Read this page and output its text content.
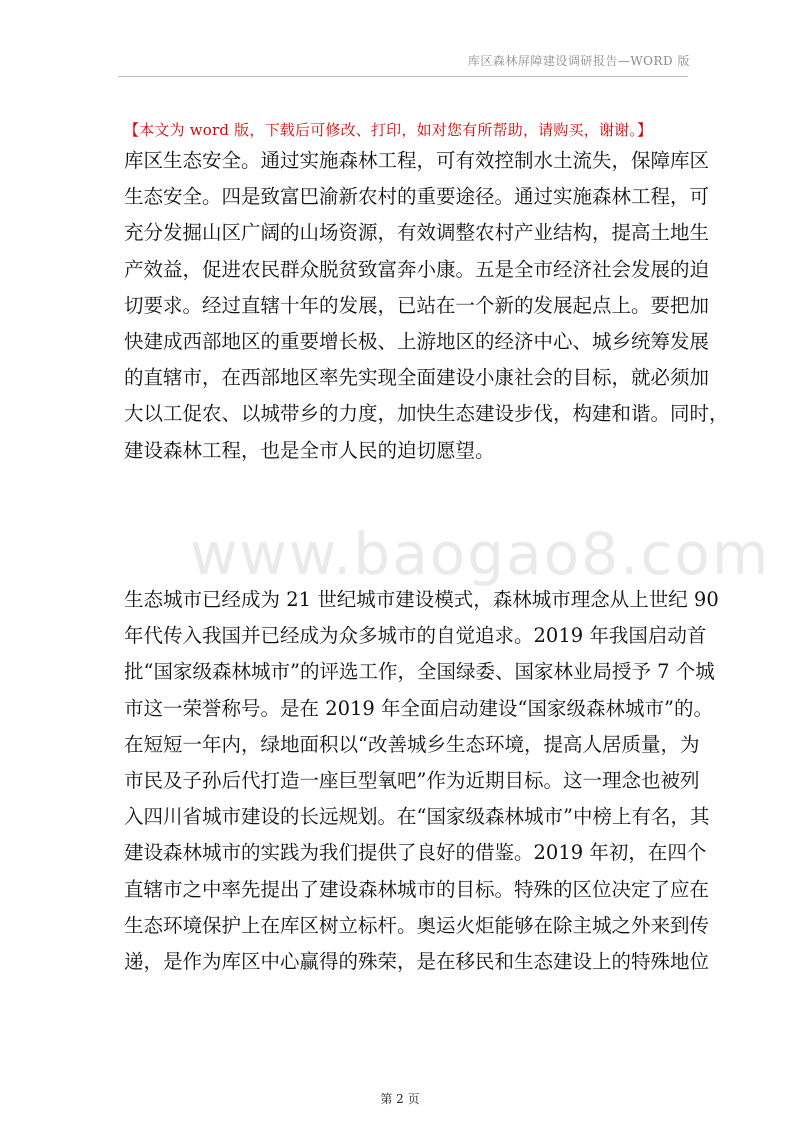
库区森林屏障建设调研报告—WORD 版
【本文为 word 版，下载后可修改、打印，如对您有所帮助，请购买，谢谢。】

库区生态安全。通过实施森林工程，可有效控制水土流失，保障库区
生态安全。四是致富巴渝新农村的重要途径。通过实施森林工程，可
充分发掘山区广阔的山场资源，有效调整农村产业结构，提高土地生
产效益，促进农民群众脱贫致富奔小康。五是全市经济社会发展的迫
切要求。经过直辖十年的发展，已站在一个新的发展起点上。要把加
快建成西部地区的重要增长极、上游地区的经济中心、城乡统筹发展
的直辖市，在西部地区率先实现全面建设小康社会的目标，就必须加
大以工促农、以城带乡的力度，加快生态建设步伐，构建和谐。同时，
建设森林工程，也是全市人民的迫切愿望。

www.baogao8.com

生态城市已经成为 21 世纪城市建设模式，森林城市理念从上世纪 90
年代传入我国并已经成为众多城市的自觉追求。2019 年我国启动首
批“国家级森林城市”的评选工作，全国绿委、国家林业局授予 7 个城
市这一荣誉称号。是在 2019 年全面启动建设“国家级森林城市”的。
在短短一年内，绿地面积以“改善城乡生态环境，提高人居质量，为
市民及子孙后代打造一座巨型氧吧”作为近期目标。这一理念也被列
入四川省城市建设的长远规划。在“国家级森林城市”中榜上有名，其
建设森林城市的实践为我们提供了良好的借鉴。2019 年初，在四个
直辖市之中率先提出了建设森林城市的目标。特殊的区位决定了应在
生态环境保护上在库区树立标杆。奥运火炬能够在除主城之外来到传
递，是作为库区中心赢得的殊荣，是在移民和生态建设上的特殊地位

第 2 页
